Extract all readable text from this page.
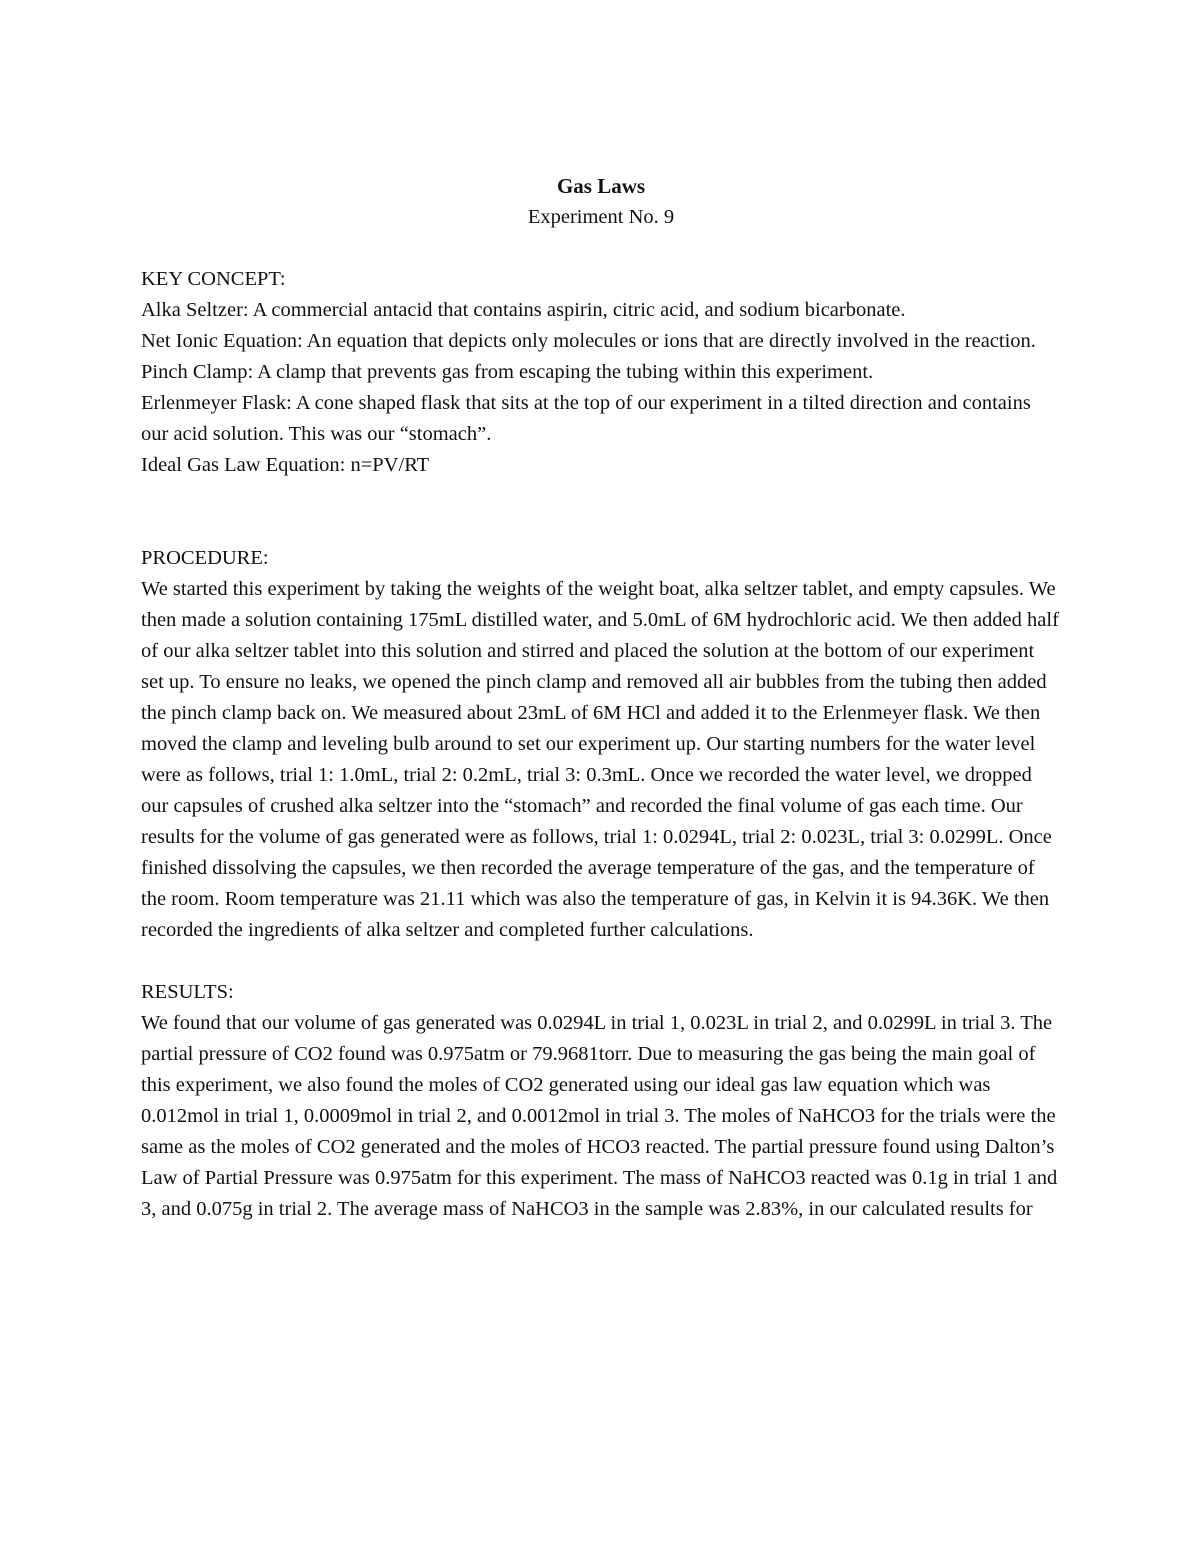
Gas Laws

Experiment No. 9

KEY CONCEPT:

Alka Seltzer: A commercial antacid that contains aspirin, citric acid, and sodium bicarbonate.

Net Ionic Equation: An equation that depicts only molecules or ions that are directly involved in the reaction.

Pinch Clamp: A clamp that prevents gas from escaping the tubing within this experiment.

Erlenmeyer Flask: A cone shaped flask that sits at the top of our experiment in a tilted direction and contains our acid solution. This was our “stomach”.

Ideal Gas Law Equation: n=PV/RT

PROCEDURE:

We started this experiment by taking the weights of the weight boat, alka seltzer tablet, and empty capsules. We then made a solution containing 175mL distilled water, and 5.0mL of 6M hydrochloric acid. We then added half of our alka seltzer tablet into this solution and stirred and placed the solution at the bottom of our experiment set up. To ensure no leaks, we opened the pinch clamp and removed all air bubbles from the tubing then added the pinch clamp back on. We measured about 23mL of 6M HCl and added it to the Erlenmeyer flask. We then moved the clamp and leveling bulb around to set our experiment up. Our starting numbers for the water level were as follows, trial 1: 1.0mL, trial 2: 0.2mL, trial 3: 0.3mL. Once we recorded the water level, we dropped our capsules of crushed alka seltzer into the “stomach” and recorded the final volume of gas each time. Our results for the volume of gas generated were as follows, trial 1: 0.0294L, trial 2: 0.023L, trial 3: 0.0299L. Once finished dissolving the capsules, we then recorded the average temperature of the gas, and the temperature of the room. Room temperature was 21.11 which was also the temperature of gas, in Kelvin it is 94.36K. We then recorded the ingredients of alka seltzer and completed further calculations.

RESULTS:

We found that our volume of gas generated was 0.0294L in trial 1, 0.023L in trial 2, and 0.0299L in trial 3. The partial pressure of CO2 found was 0.975atm or 79.9681torr. Due to measuring the gas being the main goal of this experiment, we also found the moles of CO2 generated using our ideal gas law equation which was 0.012mol in trial 1, 0.0009mol in trial 2, and 0.0012mol in trial 3. The moles of NaHCO3 for the trials were the same as the moles of CO2 generated and the moles of HCO3 reacted. The partial pressure found using Dalton’s Law of Partial Pressure was 0.975atm for this experiment. The mass of NaHCO3 reacted was 0.1g in trial 1 and 3, and 0.075g in trial 2. The average mass of NaHCO3 in the sample was 2.83%, in our calculated results for
